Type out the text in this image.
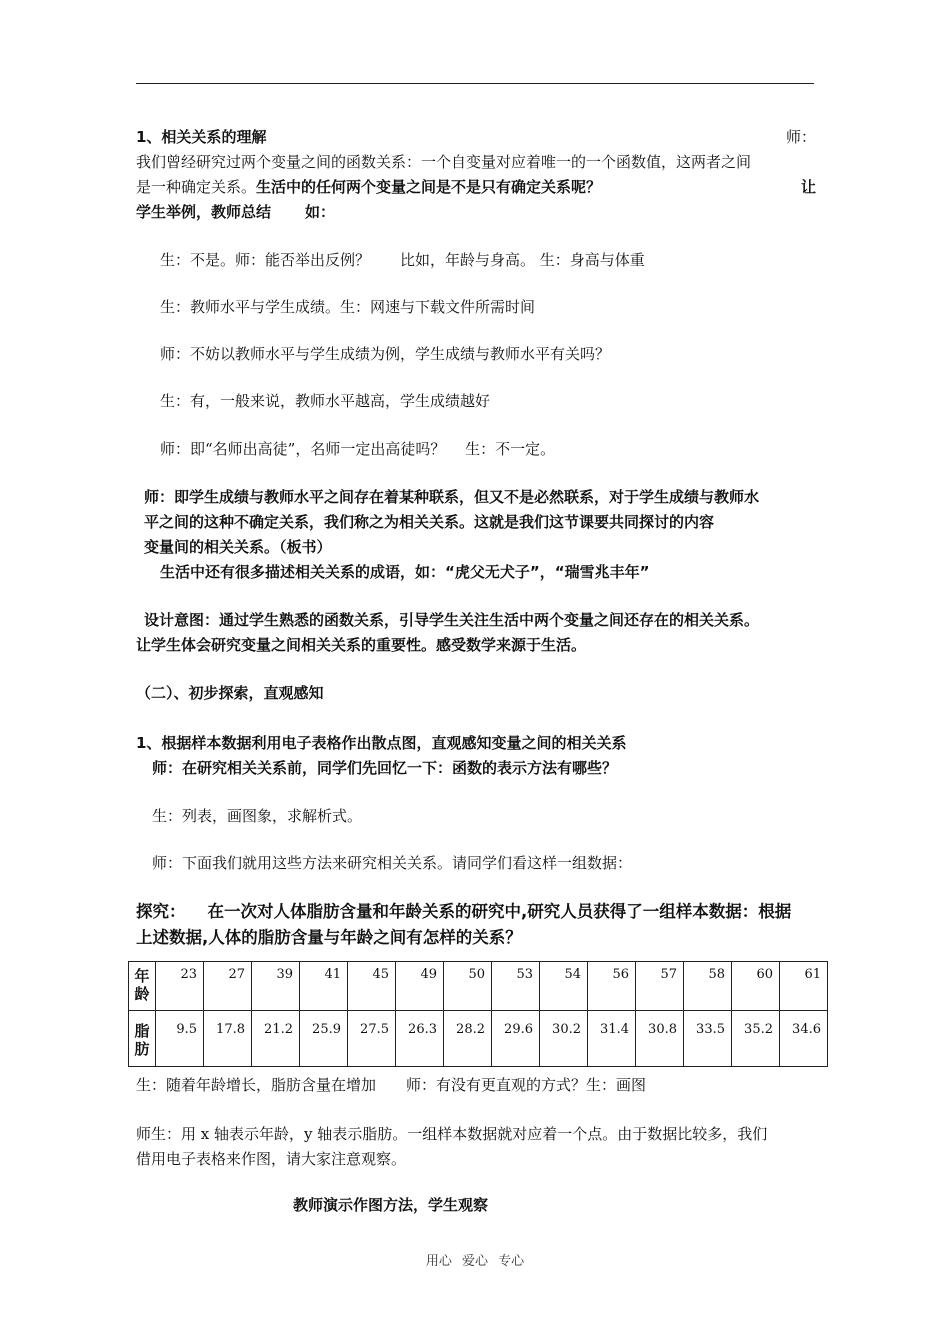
1、相关关系的理解	师：
我们曾经研究过两个变量之间的函数关系：一个自变量对应着唯一的一个函数值，这两者之间
是一种确定关系。生活中的任何两个变量之间是不是只有确定关系呢？	让
学生举例，教师总结 如：
生：不是。师：能否举出反例？　　比如，年龄与身高。 生：身高与体重
生：教师水平与学生成绩。生：网速与下载文件所需时间
师：不妨以教师水平与学生成绩为例，学生成绩与教师水平有关吗？
生：有，一般来说，教师水平越高，学生成绩越好
师：即“名师出高徒”，名师一定出高徒吗？　 生：不一定。
师：即学生成绩与教师水平之间存在着某种联系，但又不是必然联系，对于学生成绩与教师水
平之间的这种不确定关系，我们称之为相关关系。这就是我们这节课要共同探讨的内容
变量间的相关关系。（板书）
生活中还有很多描述相关关系的成语，如：“虎父无犬子”，“瑞雪兆丰年”
设计意图：通过学生熟悉的函数关系，引导学生关注生活中两个变量之间还存在的相关关系。
让学生体会研究变量之间相关关系的重要性。感受数学来源于生活。
（二）、初步探索，直观感知
1、根据样本数据利用电子表格作出散点图，直观感知变量之间的相关关系
师：在研究相关关系前，同学们先回忆一下：函数的表示方法有哪些？
生：列表，画图象，求解析式。
师：下面我们就用这些方法来研究相关关系。请同学们看这样一组数据：
探究： 在一次对人体脂肪含量和年龄关系的研究中,研究人员获得了一组样本数据：根据
上述数据,人体的脂肪含量与年龄之间有怎样的关系？
年龄	23	27	39	41	45	49	50	53	54	56	57	58	60	61
脂肪	9.5	17.8	21.2	25.9	27.5	26.3	28.2	29.6	30.2	31.4	30.8	33.5	35.2	34.6
生：随着年龄增长，脂肪含量在增加　　师：有没有更直观的方式？生：画图
师生：用 x 轴表示年龄，y 轴表示脂肪。一组样本数据就对应着一个点。由于数据比较多，我们
借用电子表格来作图，请大家注意观察。
教师演示作图方法，学生观察
用心 爱心 专心
